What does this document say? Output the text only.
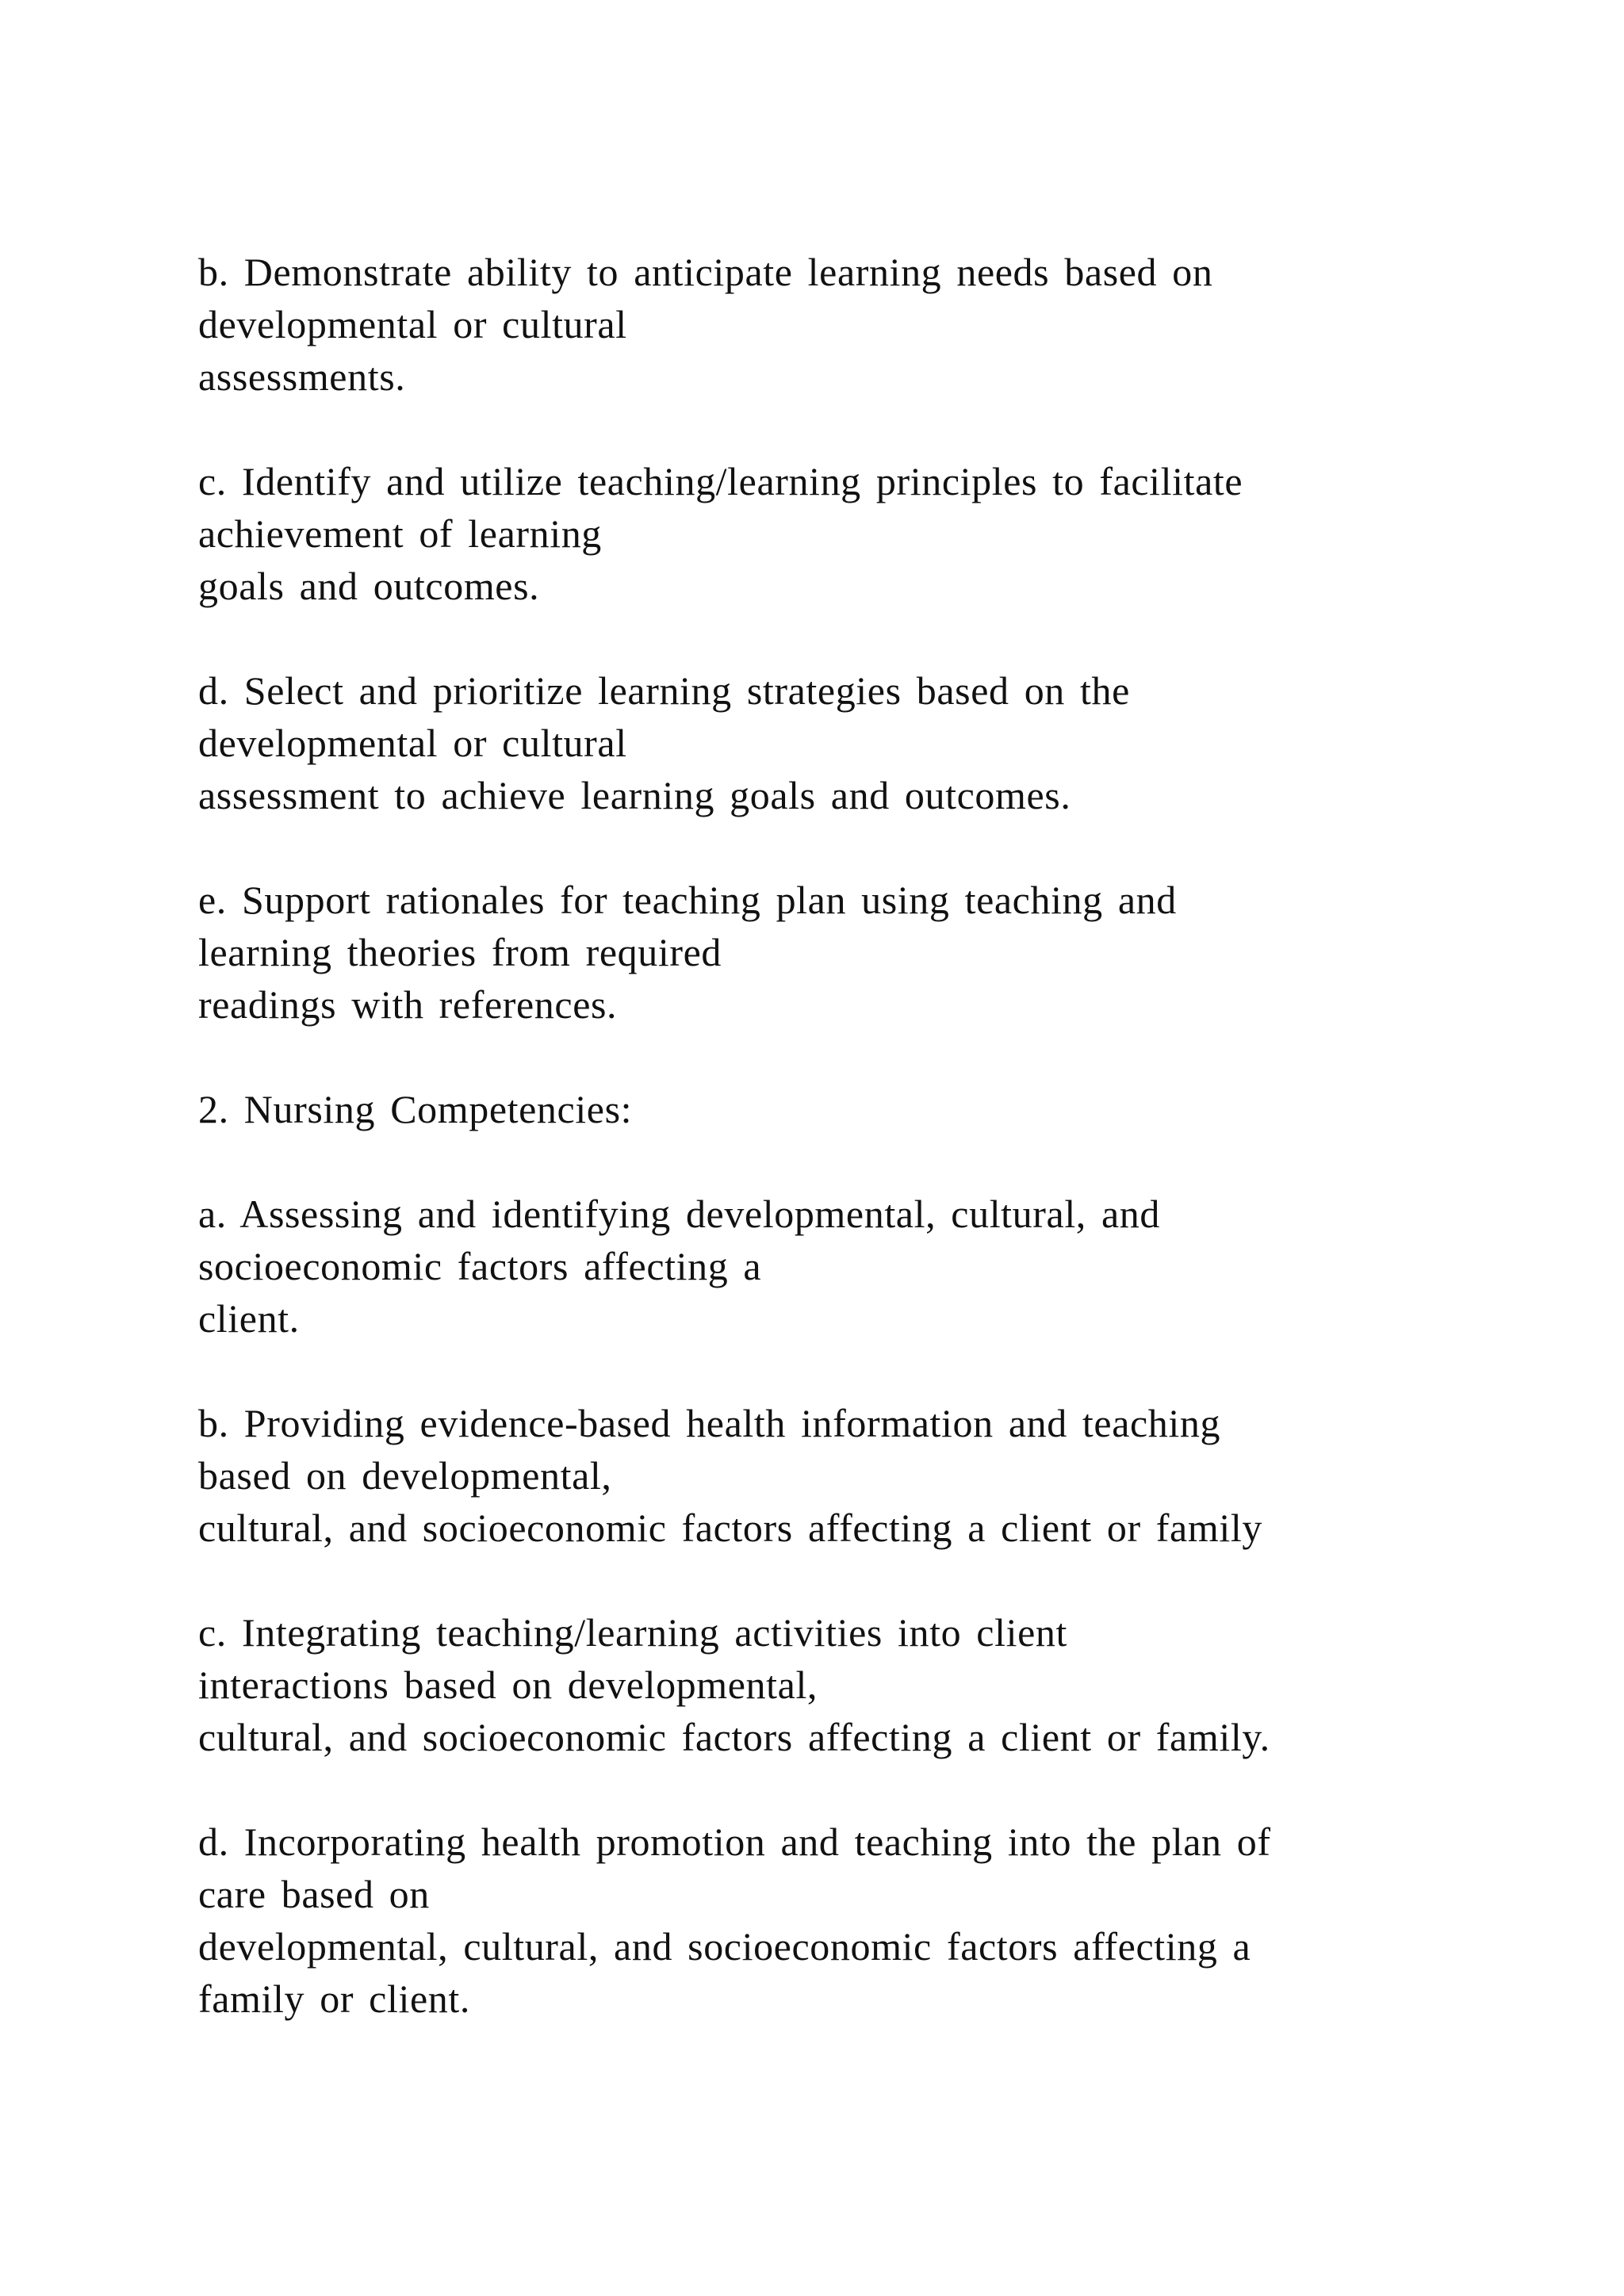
b. Demonstrate ability to anticipate learning needs based on
developmental or cultural
assessments.

c. Identify and utilize teaching/learning principles to facilitate
achievement of learning
goals and outcomes.

d. Select and prioritize learning strategies based on the
developmental or cultural
assessment to achieve learning goals and outcomes.

e. Support rationales for teaching plan using teaching and
learning theories from required
readings with references.

2. Nursing Competencies:

a. Assessing and identifying developmental, cultural, and
socioeconomic factors affecting a
client.

b. Providing evidence-based health information and teaching
based on developmental,
cultural, and socioeconomic factors affecting a client or family

c. Integrating teaching/learning activities into client
interactions based on developmental,
cultural, and socioeconomic factors affecting a client or family.

d. Incorporating health promotion and teaching into the plan of
care based on
developmental, cultural, and socioeconomic factors affecting a
family or client.
